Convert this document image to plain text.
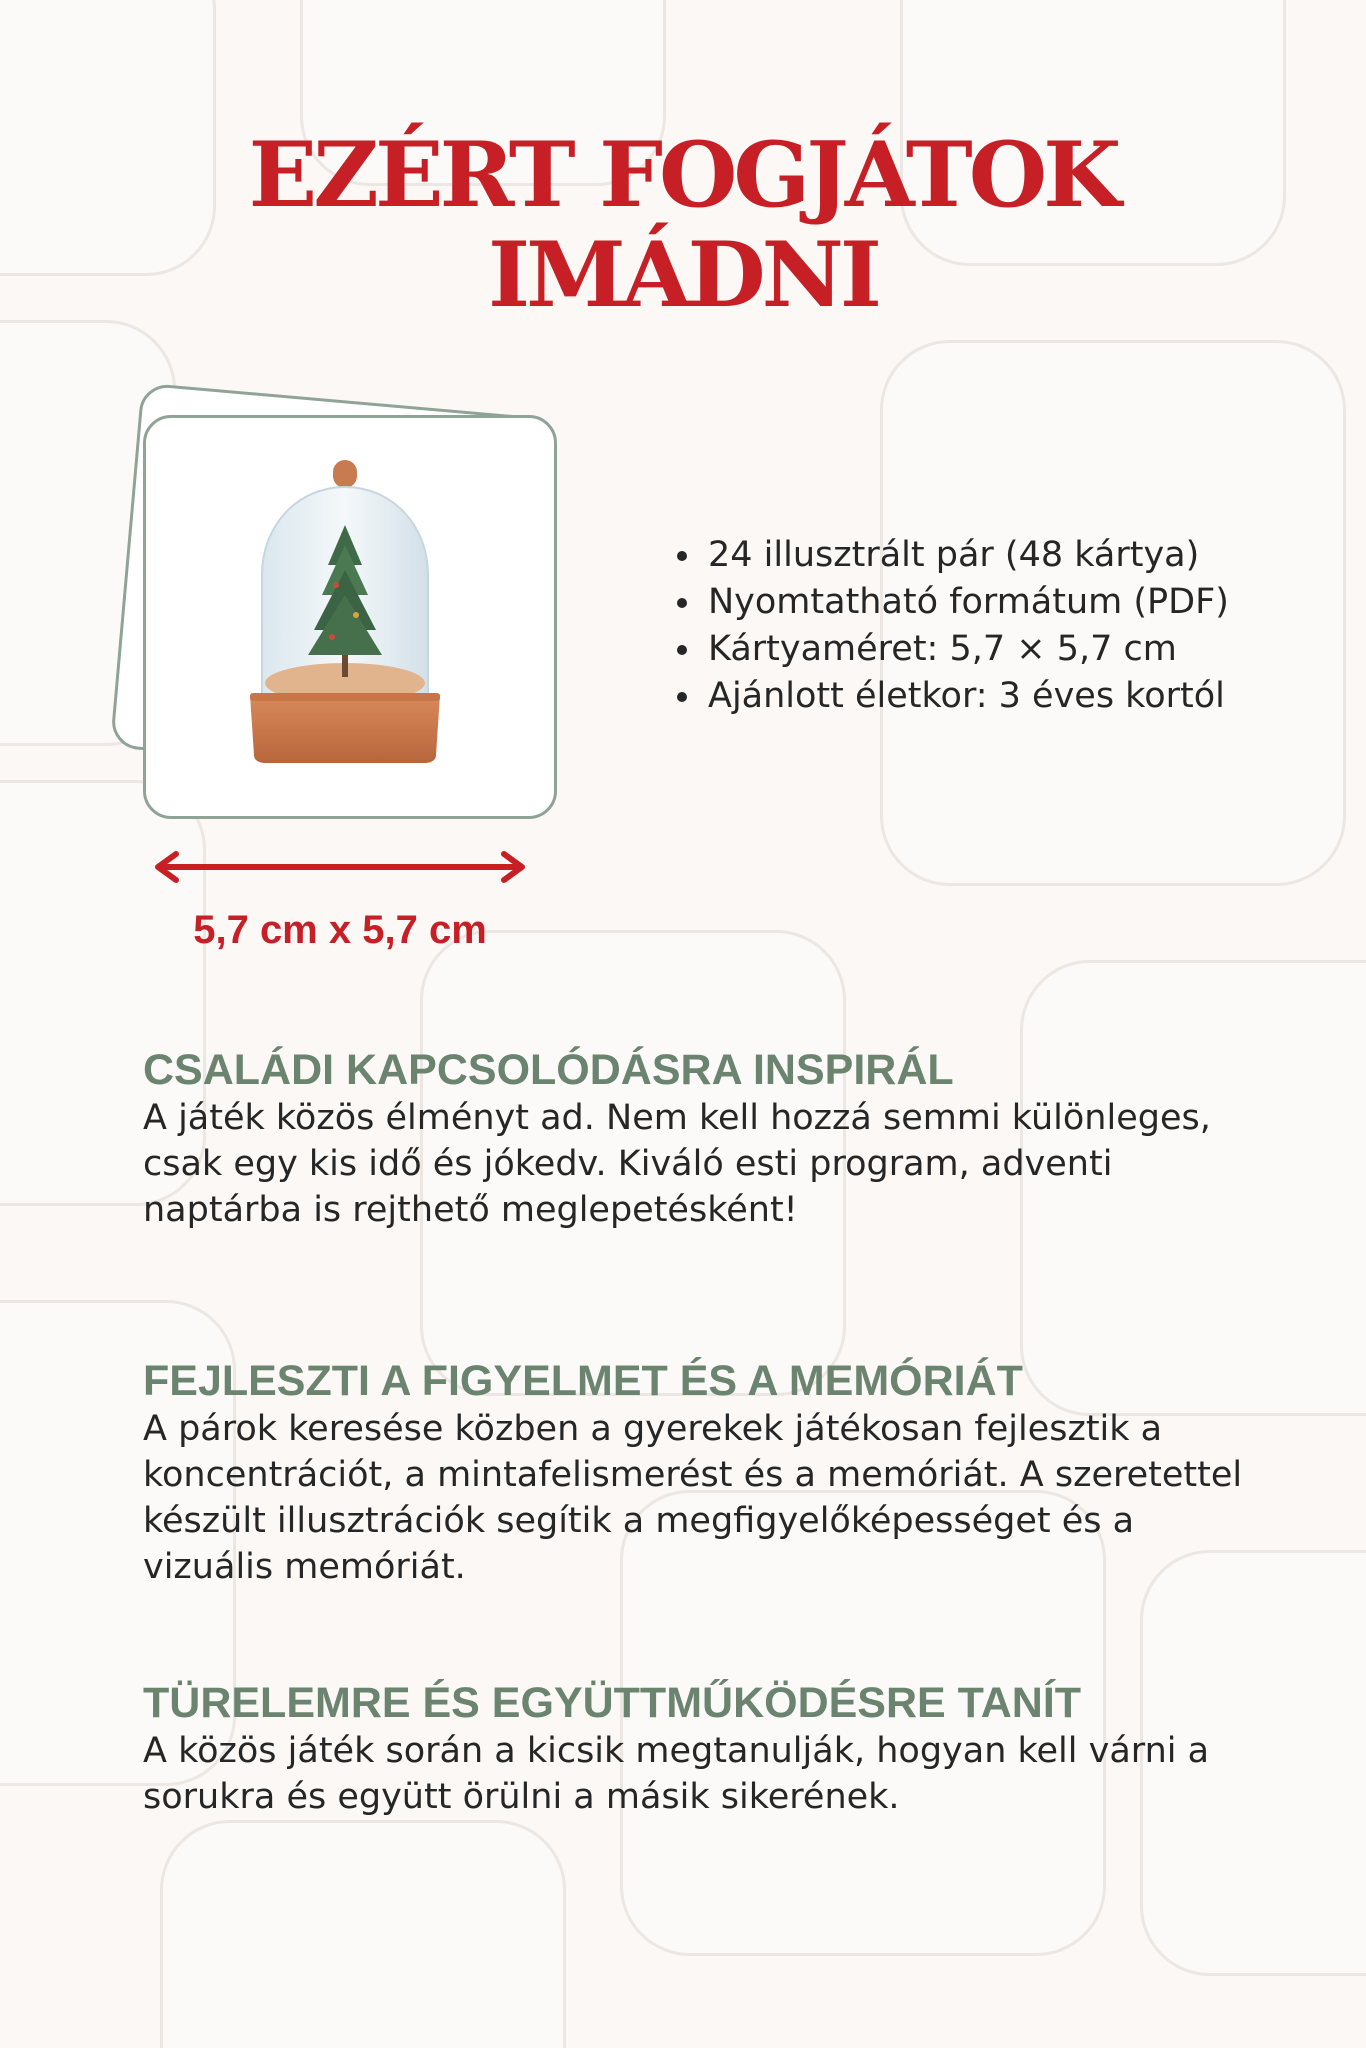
EZÉRT FOGJÁTOK
IMÁDNI
5,7 cm x 5,7 cm
• 24 illusztrált pár (48 kártya)
• Nyomtatható formátum (PDF)
• Kártyaméret: 5,7 × 5,7 cm
• Ajánlott életkor: 3 éves kortól
CSALÁDI KAPCSOLÓDÁSRA INSPIRÁL

A játék közös élményt ad. Nem kell hozzá semmi különleges, csak egy kis idő és jókedv. Kiváló esti program, adventi naptárba is rejthető meglepetésként!

FEJLESZTI A FIGYELMET ÉS A MEMÓRIÁT

A párok keresése közben a gyerekek játékosan fejlesztik a koncentrációt, a mintafelismerést és a memóriát. A szeretettel készült illusztrációk segítik a megfigyelőképességet és a vizuális memóriát.

TÜRELEMRE ÉS EGYÜTTMŰKÖDÉSRE TANÍT

A közös játék során a kicsik megtanulják, hogyan kell várni a sorukra és együtt örülni a másik sikerének.
